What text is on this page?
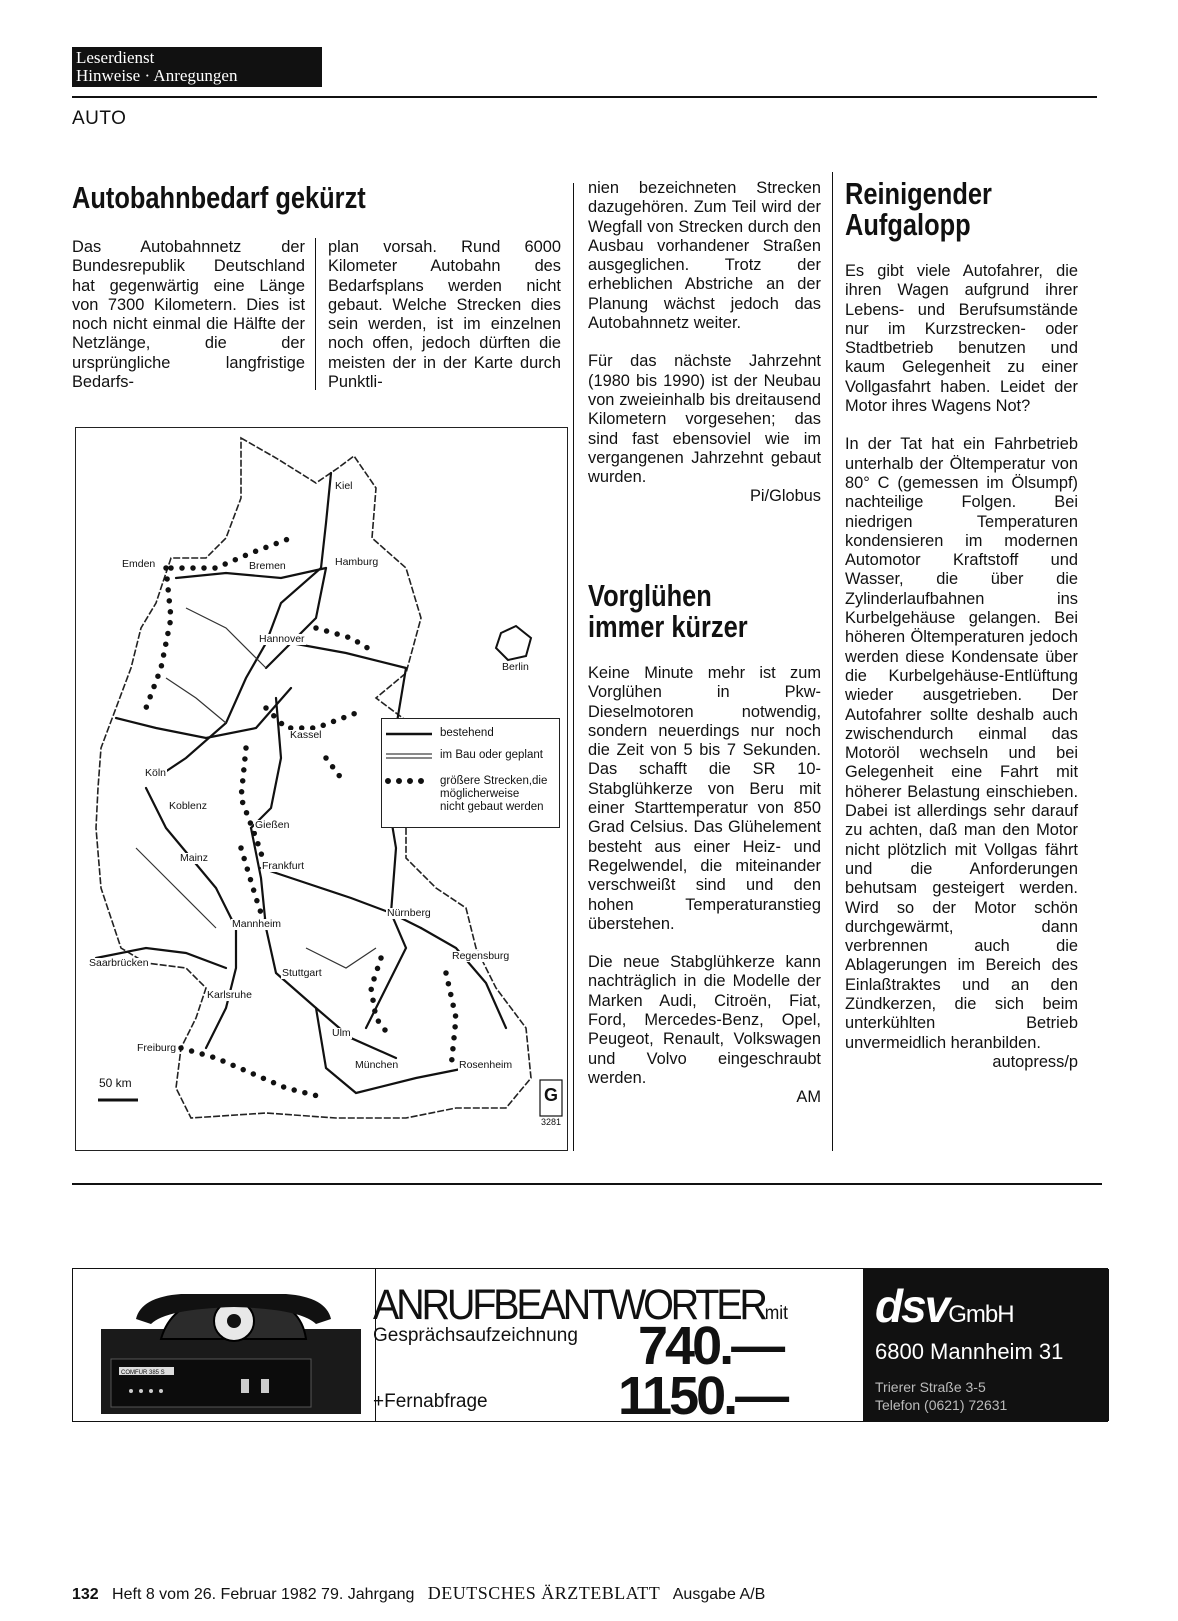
Leserdienst
Hinweise · Anregungen
AUTO
Autobahnbedarf gekürzt

Das Autobahnnetz der Bundesrepublik Deutschland hat gegenwärtig eine Länge von 7300 Kilometern. Dies ist noch nicht einmal die Hälfte der Netzlänge, die der ursprüngliche langfristige Bedarfs-

plan vorsah. Rund 6000 Kilometer Autobahn des Bedarfsplans werden nicht gebaut. Welche Strecken dies sein werden, ist im einzelnen noch offen, jedoch dürften die meisten der in der Karte durch Punktli-

nien bezeichneten Strecken dazugehören. Zum Teil wird der Wegfall von Strecken durch den Ausbau vorhandener Straßen ausgeglichen. Trotz der erheblichen Abstriche an der Planung wächst jedoch das Autobahnnetz weiter.

Für das nächste Jahrzehnt (1980 bis 1990) ist der Neubau von zweieinhalb bis dreitausend Kilometern vorgesehen; das sind fast ebensoviel wie im vergangenen Jahrzehnt gebaut wurden.
Pi/Globus

G
Kiel
Emden	Bremen	Hamburg
Hannover
Berlin
Kassel
Köln
Koblenz
Gießen
Mainz
Frankfurt
Nürnberg
Mannheim
Saarbrücken
Regensburg
Stuttgart
Karlsruhe
Ulm
Freiburg
München	Rosenheim
bestehend
im Bau oder geplant
größere Strecken,die
möglicherweise
nicht gebaut werden
50 km
3281
Vorglühen
immer kürzer

Keine Minute mehr ist zum Vorglühen in Pkw-Dieselmotoren notwendig, sondern neuerdings nur noch die Zeit von 5 bis 7 Sekunden. Das schafft die SR 10-Stabglühkerze von Beru mit einer Starttemperatur von 850 Grad Celsius. Das Glühelement besteht aus einer Heiz- und Regelwendel, die miteinander verschweißt sind und den hohen Temperaturanstieg überstehen.

Die neue Stabglühkerze kann nachträglich in die Modelle der Marken Audi, Citroën, Fiat, Ford, Mercedes-Benz, Opel, Peugeot, Renault, Volkswagen und Volvo eingeschraubt werden.
AM

Reinigender
Aufgalopp

Es gibt viele Autofahrer, die ihren Wagen aufgrund ihrer Lebens- und Berufsumstände nur im Kurzstrecken- oder Stadtbetrieb benutzen und kaum Gelegenheit zu einer Vollgasfahrt haben. Leidet der Motor ihres Wagens Not?

In der Tat hat ein Fahrbetrieb unterhalb der Öltemperatur von 80° C (gemessen im Ölsumpf) nachteilige Folgen. Bei niedrigen Temperaturen kondensieren im modernen Automotor Kraftstoff und Wasser, die über die Zylinderlaufbahnen ins Kurbelgehäuse gelangen. Bei höheren Öltemperaturen jedoch werden diese Kondensate über die Kurbelgehäuse-Entlüftung wieder ausgetrieben. Der Autofahrer sollte deshalb auch zwischendurch einmal das Motoröl wechseln und bei Gelegenheit eine Fahrt mit höherer Belastung einschieben. Dabei ist allerdings sehr darauf zu achten, daß man den Motor nicht plötzlich mit Vollgas fährt und die Anforderungen behutsam gesteigert werden. Wird so der Motor schön durchgewärmt, dann verbrennen auch die Ablagerungen im Bereich des Einlaßtraktes und an den Zündkerzen, die sich beim unterkühlten Betrieb unvermeidlich heranbilden.
autopress/p

COMFUR 385 S
ANRUFBEANTWORTERmit
Gesprächsaufzeichnung 740.—
+Fernabfrage 1150.—
dsvGmbH
6800 Mannheim 31
Trierer Straße 3-5
Telefon (0621) 72631
132 Heft 8 vom 26. Februar 1982 79. Jahrgang DEUTSCHES ÄRZTEBLATT Ausgabe A/B
